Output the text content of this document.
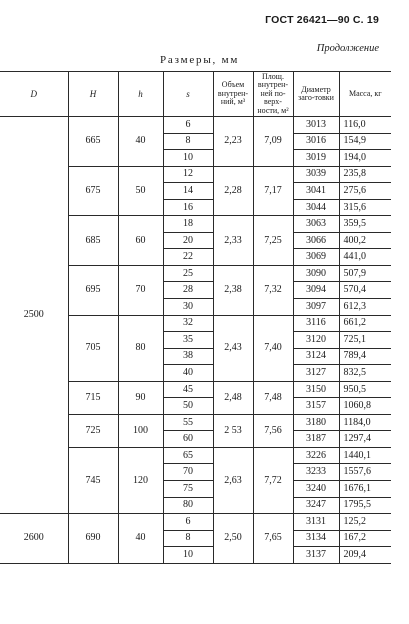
ГОСТ 26421—90 С. 19
Продолжение
Размеры, мм
D	H	h	s	Объем внутрен-ний, м³	Площ. внутрен-ней по-верх-ности, м²	Диаметр заго-товки	Масса, кг
2500	665	40	6	2,23	7,09	3013	116,0
			8			3016	154,9
			10			3019	194,0
	675	50	12	2,28	7,17	3039	235,8
			14			3041	275,6
			16			3044	315,6
	685	60	18	2,33	7,25	3063	359,5
			20			3066	400,2
			22			3069	441,0
	695	70	25	2,38	7,32	3090	507,9
			28			3094	570,4
			30			3097	612,3
	705	80	32	2,43	7,40	3116	661,2
			35			3120	725,1
			38			3124	789,4
			40			3127	832,5
	715	90	45	2,48	7,48	3150	950,5
			50			3157	1060,8
	725	100	55	2 53	7,56	3180	1184,0
			60			3187	1297,4
	745	120	65	2,63	7,72	3226	1440,1
			70			3233	1557,6
			75			3240	1676,1
			80			3247	1795,5
2600	690	40	6	2,50	7,65	3131	125,2
			8			3134	167,2
			10			3137	209,4
